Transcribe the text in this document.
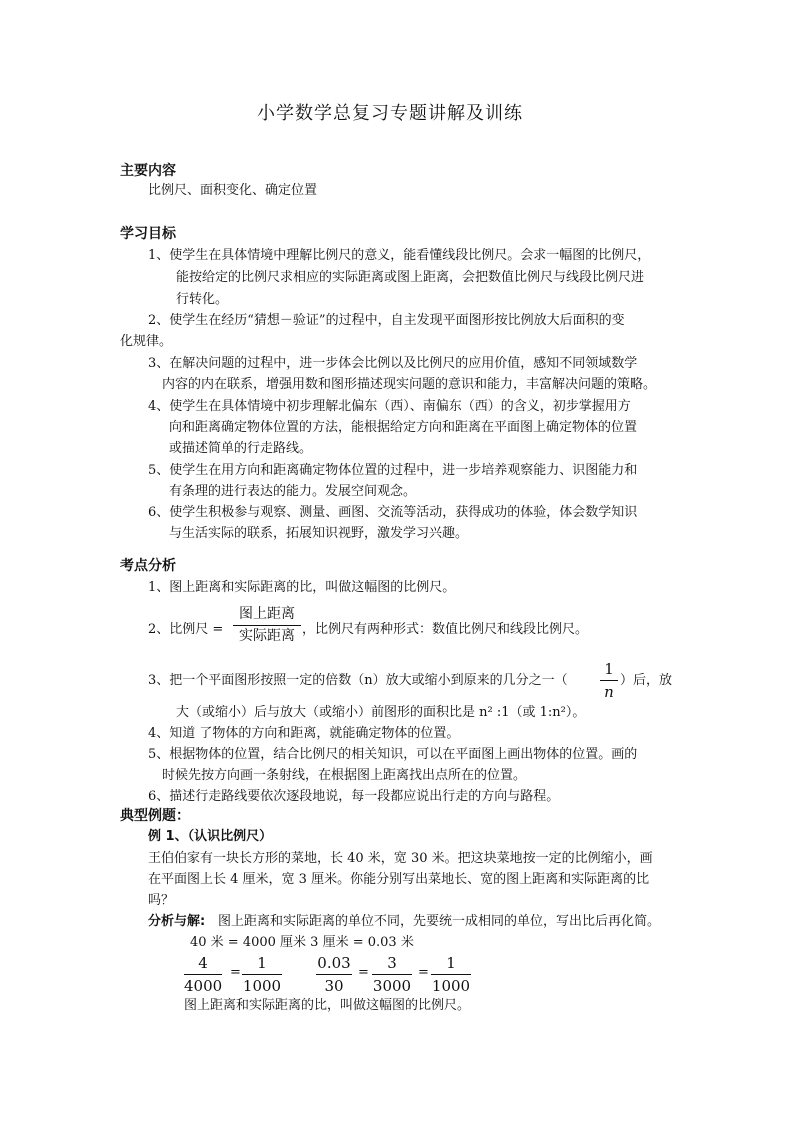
小学数学总复习专题讲解及训练
主要内容
比例尺、面积变化、确定位置
学习目标
1、使学生在具体情境中理解比例尺的意义，能看懂线段比例尺。会求一幅图的比例尺，
能按给定的比例尺求相应的实际距离或图上距离，会把数值比例尺与线段比例尺进
行转化。
2、使学生在经历“猜想－验证”的过程中，自主发现平面图形按比例放大后面积的变
化规律。
3、在解决问题的过程中，进一步体会比例以及比例尺的应用价值，感知不同领域数学
内容的内在联系，增强用数和图形描述现实问题的意识和能力，丰富解决问题的策略。
4、使学生在具体情境中初步理解北偏东（西）、南偏东（西）的含义，初步掌握用方
向和距离确定物体位置的方法，能根据给定方向和距离在平面图上确定物体的位置
或描述简单的行走路线。
5、使学生在用方向和距离确定物体位置的过程中，进一步培养观察能力、识图能力和
有条理的进行表达的能力。发展空间观念。
6、使学生积极参与观察、测量、画图、交流等活动，获得成功的体验，体会数学知识
与生活实际的联系，拓展知识视野，激发学习兴趣。
考点分析
1、图上距离和实际距离的比，叫做这幅图的比例尺。
2、比例尺 =
图上距离
实际距离 ，比例尺有两种形式：数值比例尺和线段比例尺。
3、把一个平面图形按照一定的倍数（n）放大或缩小到原来的几分之一（
1
n
）后，放
大（或缩小）后与放大（或缩小）前图形的面积比是 n² :1（或 1:n²）。
4、知道 了物体的方向和距离，就能确定物体的位置。
5、根据物体的位置，结合比例尺的相关知识，可以在平面图上画出物体的位置。画的
时候先按方向画一条射线，在根据图上距离找出点所在的位置。
6、描述行走路线要依次逐段地说，每一段都应说出行走的方向与路程。
典型例题：
例 1、（认识比例尺）
王伯伯家有一块长方形的菜地，长 40 米，宽 30 米。把这块菜地按一定的比例缩小，画
在平面图上长 4 厘米，宽 3 厘米。你能分别写出菜地长、宽的图上距离和实际距离的比
吗？
分析与解: 图上距离和实际距离的单位不同，先要统一成相同的单位，写出比后再化简。
40 米 = 4000 厘米 3 厘米 = 0.03 米
4
4000
=
1
1000
0.03
30
=
3
3000
=
1
1000
图上距离和实际距离的比，叫做这幅图的比例尺。
